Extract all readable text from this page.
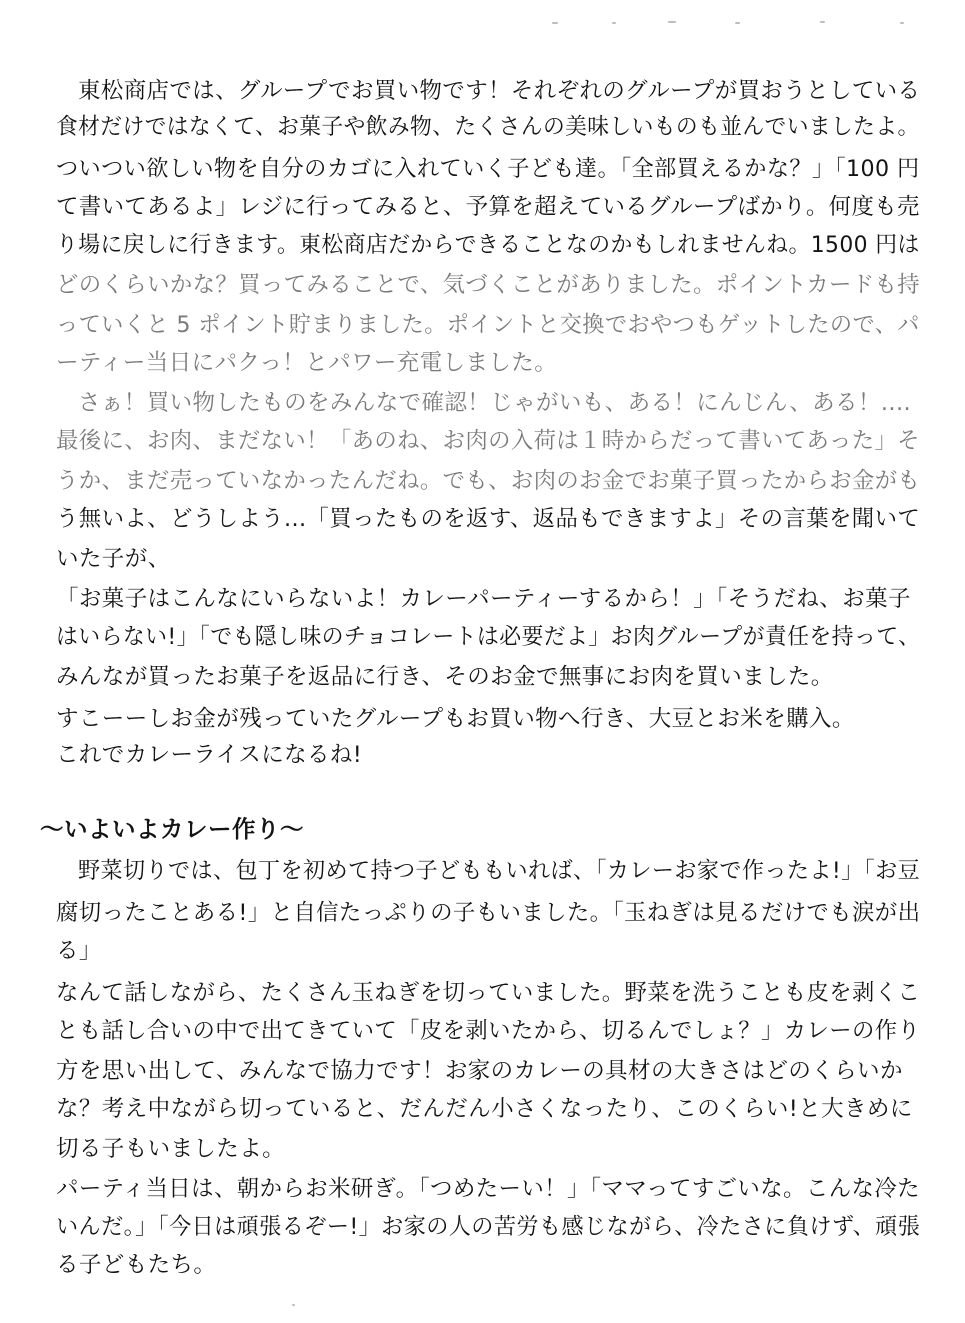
東松商店では、グループでお買い物です！それぞれのグループが買おうとしている
食材だけではなくて、お菓子や飲み物、たくさんの美味しいものも並んでいましたよ。
ついつい欲しい物を自分のカゴに入れていく子ども達。「全部買えるかな？」「100 円
て書いてあるよ」レジに行ってみると、予算を超えているグループばかり。何度も売
り場に戻しに行きます。東松商店だからできることなのかもしれませんね。1500 円は
どのくらいかな？買ってみることで、気づくことがありました。ポイントカードも持
っていくと 5 ポイント貯まりました。ポイントと交換でおやつもゲットしたので、パ
ーティー当日にパクっ！とパワー充電しました。
さぁ！買い物したものをみんなで確認！じゃがいも、ある！にんじん、ある！....
最後に、お肉、まだない！「あのね、お肉の入荷は１時からだって書いてあった」そ
うか、まだ売っていなかったんだね。でも、お肉のお金でお菓子買ったからお金がも
う無いよ、どうしよう...「買ったものを返す、返品もできますよ」その言葉を聞いて
いた子が、
「お菓子はこんなにいらないよ！カレーパーティーするから！」「そうだね、お菓子
はいらない!」「でも隠し味のチョコレートは必要だよ」お肉グループが責任を持って、
みんなが買ったお菓子を返品に行き、そのお金で無事にお肉を買いました。
すこーーしお金が残っていたグループもお買い物へ行き、大豆とお米を購入。
これでカレーライスになるね!
～いよいよカレー作り～
野菜切りでは、包丁を初めて持つ子どももいれば、「カレーお家で作ったよ!」「お豆
腐切ったことある!」と自信たっぷりの子もいました。「玉ねぎは見るだけでも涙が出
る」
なんて話しながら、たくさん玉ねぎを切っていました。野菜を洗うことも皮を剥くこ
とも話し合いの中で出てきていて「皮を剥いたから、切るんでしょ？」カレーの作り
方を思い出して、みんなで協力です！お家のカレーの具材の大きさはどのくらいか
な？考え中ながら切っていると、だんだん小さくなったり、このくらい!と大きめに
切る子もいましたよ。
パーティ当日は、朝からお米研ぎ。「つめたーい！」「ママってすごいな。こんな冷た
いんだ。」「今日は頑張るぞー!」お家の人の苦労も感じながら、冷たさに負けず、頑張
る子どもたち。
